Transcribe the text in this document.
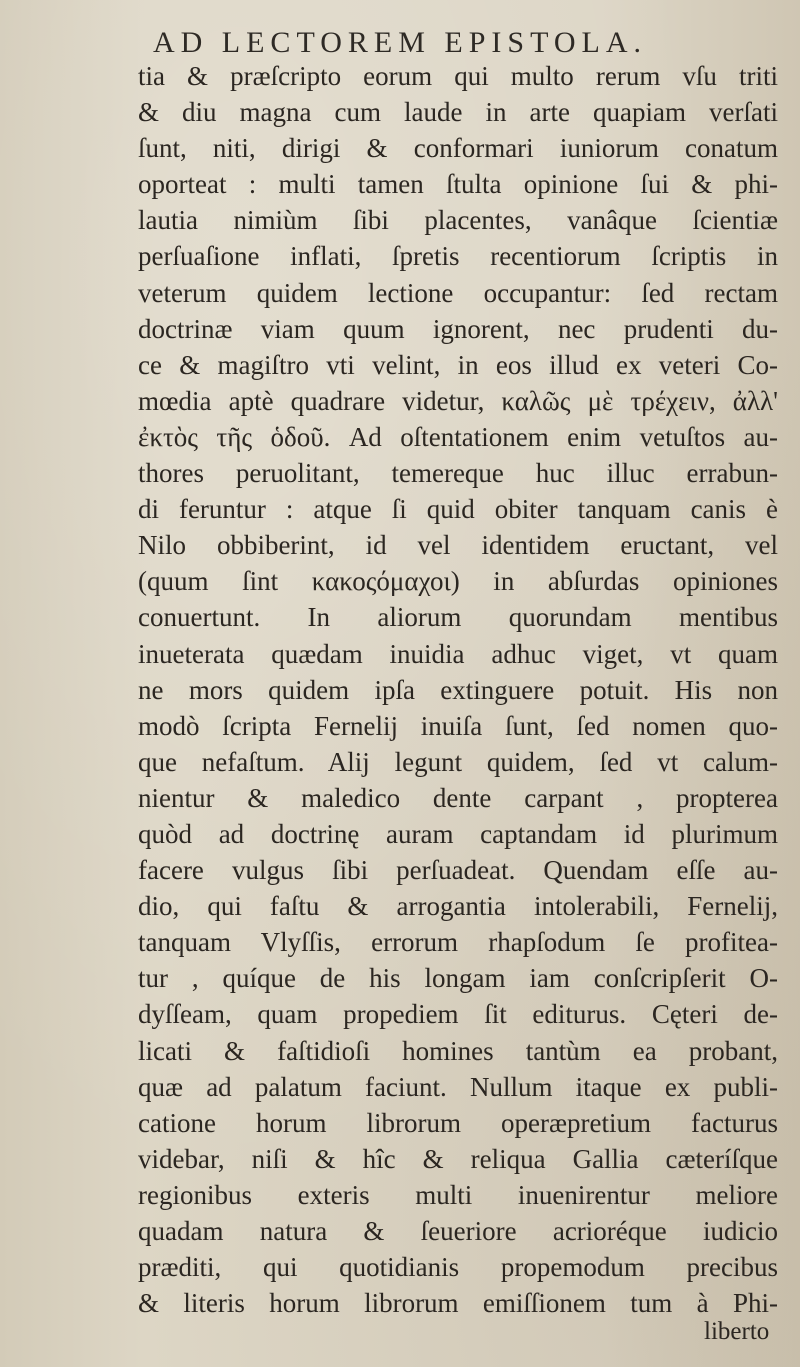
AD LECTOREM EPISTOLA.
tia & præſcripto eorum qui multo rerum vſu triti
& diu magna cum laude in arte quapiam verſati
ſunt, niti, dirigi & conformari iuniorum conatum
oporteat : multi tamen ſtulta opinione ſui & phi-
lautia nimiùm ſibi placentes, vanâque ſcientiæ
perſuaſione inflati, ſpretis recentiorum ſcriptis in
veterum quidem lectione occupantur: ſed rectam
doctrinæ viam quum ignorent, nec prudenti du-
ce & magiſtro vti velint, in eos illud ex veteri Co-
mœdia aptè quadrare videtur, καλῶς μὲ τρέχειν, ἀλλ'
ἐκτὸς τῆς ὁδοῦ. Ad oſtentationem enim vetuſtos au-
thores peruolitant, temereque huc illuc errabun-
di feruntur : atque ſi quid obiter tanquam canis è
Nilo obbiberint, id vel identidem eructant, vel
(quum ſint κακοςόμαχοι) in abſurdas opiniones
conuertunt. In aliorum quorundam mentibus
inueterata quædam inuidia adhuc viget, vt quam
ne mors quidem ipſa extinguere potuit. His non
modò ſcripta Fernelij inuiſa ſunt, ſed nomen quo-
que nefaſtum. Alij legunt quidem, ſed vt calum-
nientur & maledico dente carpant , propterea
quòd ad doctrinę auram captandam id plurimum
facere vulgus ſibi perſuadeat. Quendam eſſe au-
dio, qui faſtu & arrogantia intolerabili, Fernelij,
tanquam Vlyſſis, errorum rhapſodum ſe profitea-
tur , quíque de his longam iam conſcripſerit O-
dyſſeam, quam propediem ſit editurus. Cęteri de-
licati & faſtidioſi homines tantùm ea probant,
quæ ad palatum faciunt. Nullum itaque ex publi-
catione horum librorum operæpretium facturus
videbar, niſi & hîc & reliqua Gallia cæteríſque
regionibus exteris multi inuenirentur meliore
quadam natura & ſeueriore acrioréque iudicio
præditi, qui quotidianis propemodum precibus
& literis horum librorum emiſſionem tum à Phi-
liberto
